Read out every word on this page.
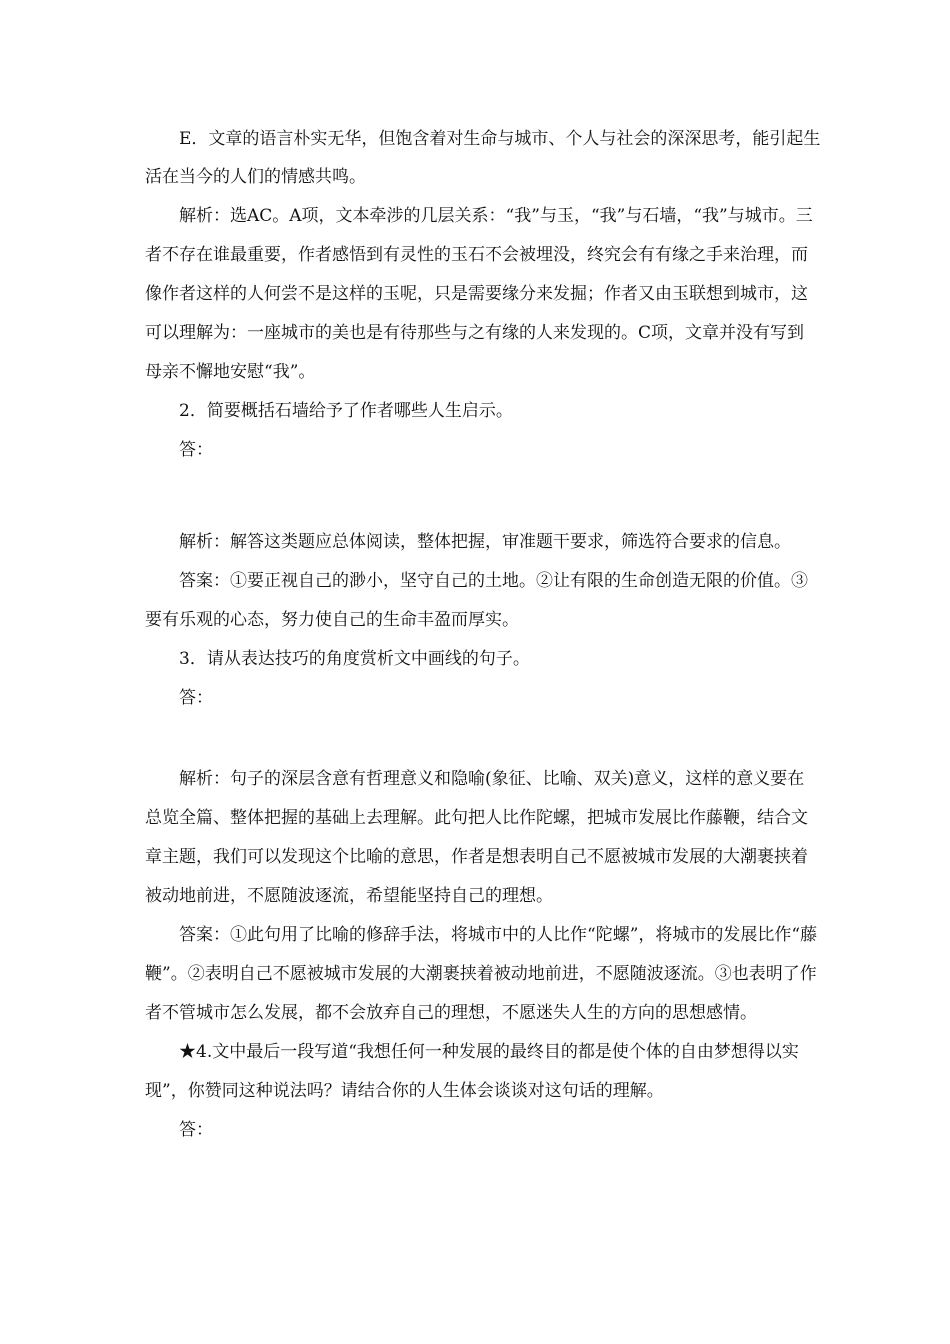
E．文章的语言朴实无华，但饱含着对生命与城市、个人与社会的深深思考，能引起生
活在当今的人们的情感共鸣。
解析：选AC。A项，文本牵涉的几层关系：“我”与玉，“我”与石墙，“我”与城市。三
者不存在谁最重要，作者感悟到有灵性的玉石不会被埋没，终究会有有缘之手来治理，而
像作者这样的人何尝不是这样的玉呢，只是需要缘分来发掘；作者又由玉联想到城市，这
可以理解为：一座城市的美也是有待那些与之有缘的人来发现的。C项，文章并没有写到
母亲不懈地安慰“我”。
2．简要概括石墙给予了作者哪些人生启示。
答：
解析：解答这类题应总体阅读，整体把握，审准题干要求，筛选符合要求的信息。
答案：①要正视自己的渺小，坚守自己的土地。②让有限的生命创造无限的价值。③
要有乐观的心态，努力使自己的生命丰盈而厚实。
3．请从表达技巧的角度赏析文中画线的句子。
答：
解析：句子的深层含意有哲理意义和隐喻(象征、比喻、双关)意义，这样的意义要在
总览全篇、整体把握的基础上去理解。此句把人比作陀螺，把城市发展比作藤鞭，结合文
章主题，我们可以发现这个比喻的意思，作者是想表明自己不愿被城市发展的大潮裹挟着
被动地前进，不愿随波逐流，希望能坚持自己的理想。
答案：①此句用了比喻的修辞手法，将城市中的人比作“陀螺”，将城市的发展比作“藤
鞭”。②表明自己不愿被城市发展的大潮裹挟着被动地前进，不愿随波逐流。③也表明了作
者不管城市怎么发展，都不会放弃自己的理想，不愿迷失人生的方向的思想感情。
★4.文中最后一段写道“我想任何一种发展的最终目的都是使个体的自由梦想得以实
现”，你赞同这种说法吗？请结合你的人生体会谈谈对这句话的理解。
答：
